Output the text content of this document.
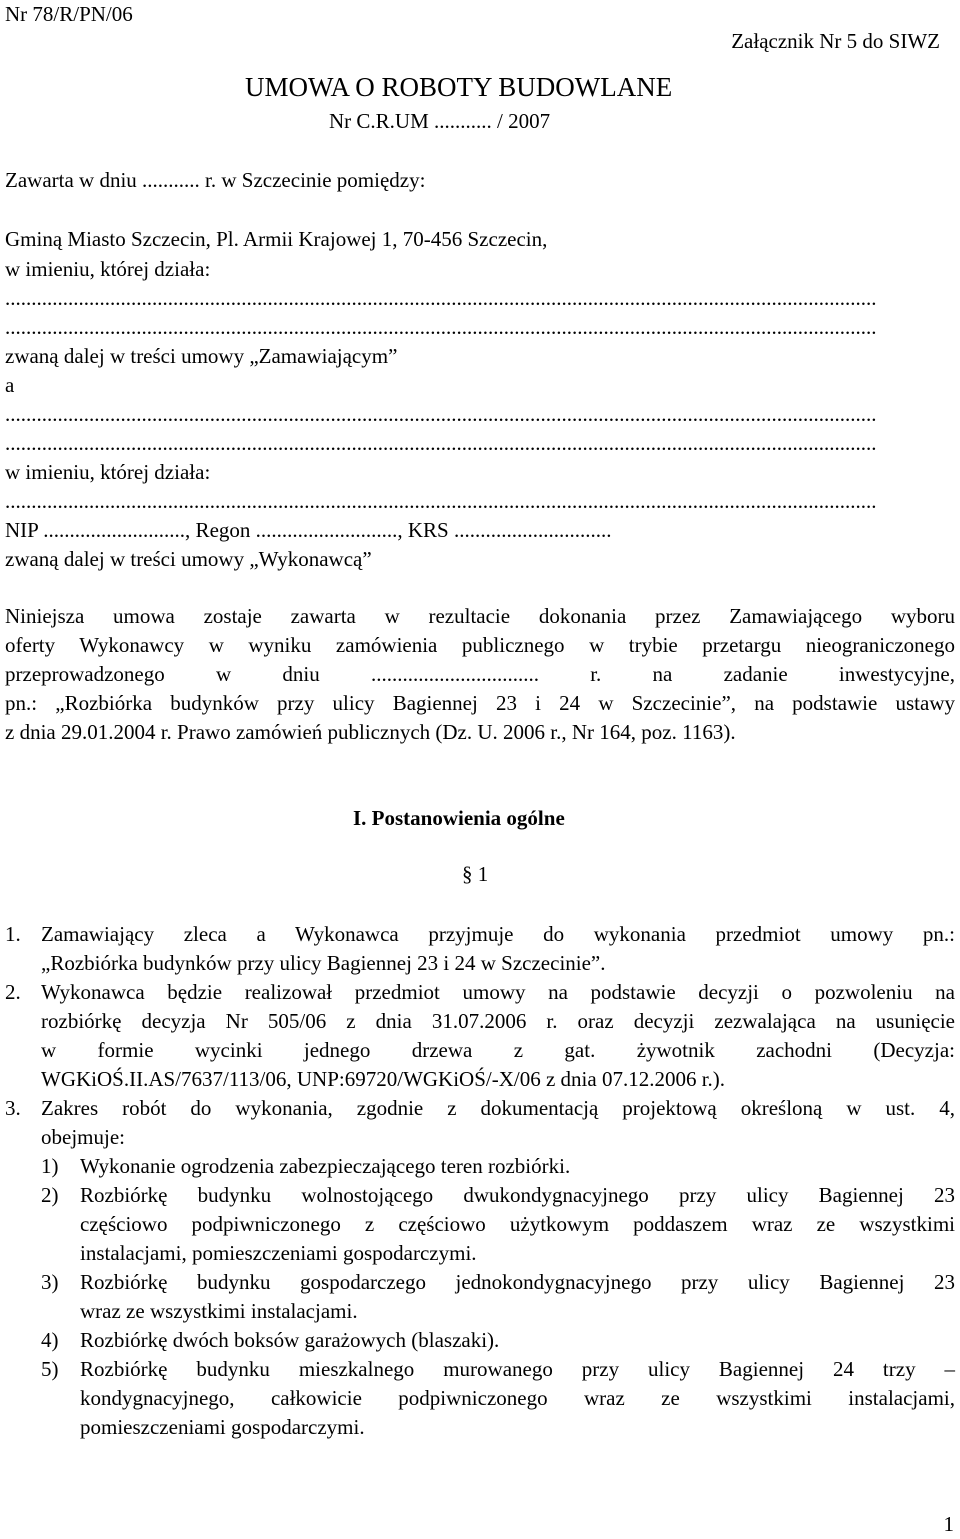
Nr 78/R/PN/06
Załącznik Nr 5 do SIWZ
UMOWA O ROBOTY BUDOWLANE
Nr C.R.UM ........... / 2007
Zawarta w dniu ........... r. w Szczecinie pomiędzy:
Gminą Miasto Szczecin, Pl. Armii Krajowej 1, 70-456 Szczecin,
w imieniu, której działa:
......................................................................................................................................................................
......................................................................................................................................................................
zwaną dalej w treści umowy „Zamawiającym”
a
......................................................................................................................................................................
......................................................................................................................................................................
w imieniu, której działa:
......................................................................................................................................................................
NIP ..........................., Regon ..........................., KRS ..............................
zwaną dalej w treści umowy „Wykonawcą”
Niniejsza umowa zostaje zawarta w rezultacie dokonania przez Zamawiającego wyboru
oferty Wykonawcy w wyniku zamówienia publicznego w trybie przetargu nieograniczonego
przeprowadzonego w dniu ................................ r. na zadanie inwestycyjne,
pn.: „Rozbiórka budynków przy ulicy Bagiennej 23 i 24 w Szczecinie”, na podstawie ustawy
z dnia 29.01.2004 r. Prawo zamówień publicznych (Dz. U. 2006 r., Nr 164, poz. 1163).
I. Postanowienia ogólne
§ 1
1. Zamawiający zleca a Wykonawca przyjmuje do wykonania przedmiot umowy pn.:
„Rozbiórka budynków przy ulicy Bagiennej 23 i 24 w Szczecinie”.
2. Wykonawca będzie realizował przedmiot umowy na podstawie decyzji o pozwoleniu na
rozbiórkę decyzja Nr 505/06 z dnia 31.07.2006 r. oraz decyzji zezwalająca na usunięcie
w formie wycinki jednego drzewa z gat. żywotnik zachodni (Decyzja:
WGKiOŚ.II.AS/7637/113/06, UNP:69720/WGKiOŚ/-X/06 z dnia 07.12.2006 r.).
3. Zakres robót do wykonania, zgodnie z dokumentacją projektową określoną w ust. 4,
obejmuje:
1) Wykonanie ogrodzenia zabezpieczającego teren rozbiórki.
2) Rozbiórkę budynku wolnostojącego dwukondygnacyjnego przy ulicy Bagiennej 23
częściowo podpiwniczonego z częściowo użytkowym poddaszem wraz ze wszystkimi
instalacjami, pomieszczeniami gospodarczymi.
3) Rozbiórkę budynku gospodarczego jednokondygnacyjnego przy ulicy Bagiennej 23
wraz ze wszystkimi instalacjami.
4) Rozbiórkę dwóch boksów garażowych (blaszaki).
5) Rozbiórkę budynku mieszkalnego murowanego przy ulicy Bagiennej 24 trzy –
kondygnacyjnego, całkowicie podpiwniczonego wraz ze wszystkimi instalacjami,
pomieszczeniami gospodarczymi.
1
